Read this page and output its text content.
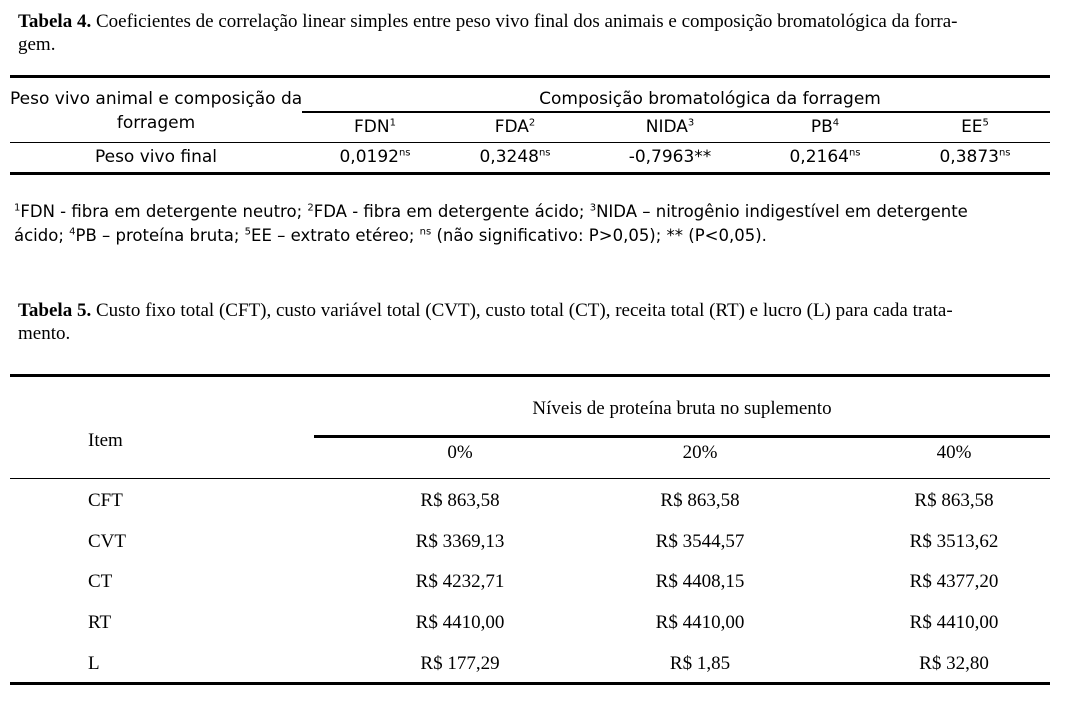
Tabela 4. Coeficientes de correlação linear simples entre peso vivo final dos animais e composição bromatológica da forra-
gem.
Peso vivo animal e composição da
forragem
Composição bromatológica da forragem
FDN$^1$	FDA$^2$	NIDA$^3$	$PB^4$	$EE^5$
Peso vivo final	$0,0192^{ns}$	$0,3248^{ns}$	-0,7963**	$0,2164^{ns}$	$0,3873^{ns}$
$^1$FDN - fibra em detergente neutro; $^2$FDA - fibra em detergente ácido; $^3$NIDA – nitrogênio indigestível em detergente
ácido; $^4$PB – proteína bruta; $^5$EE – extrato etéreo; $^{ns}$ (não significativo: P>0,05); ** (P<0,05).
Tabela 5. Custo fixo total (CFT), custo variável total (CVT), custo total (CT), receita total (RT) e lucro (L) para cada trata-
mento.
Item
Níveis de proteína bruta no suplemento
0%	20%	40%
CFT	R$ 863,58	R$ 863,58	R$ 863,58
CVT	R$ 3369,13	R$ 3544,57	R$ 3513,62
CT	R$ 4232,71	R$ 4408,15	R$ 4377,20
RT	R$ 4410,00	R$ 4410,00	R$ 4410,00
L	R$ 177,29	R$ 1,85	R$ 32,80
